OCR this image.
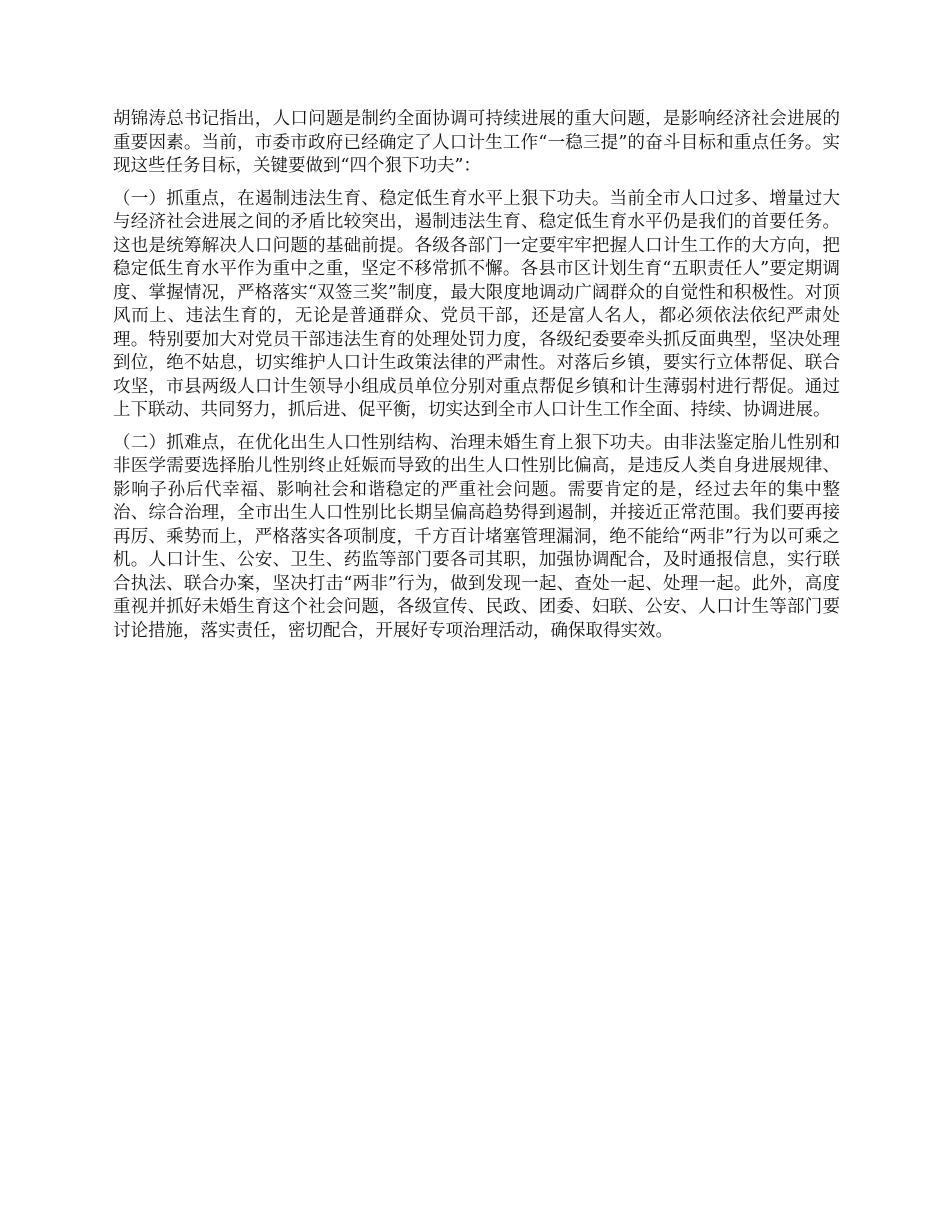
胡锦涛总书记指出，人口问题是制约全面协调可持续进展的重大问题，是影响经济社会进展的重要因素。当前，市委市政府已经确定了人口计生工作“一稳三提”的奋斗目标和重点任务。实现这些任务目标，关键要做到“四个狠下功夫”：

（一）抓重点，在遏制违法生育、稳定低生育水平上狠下功夫。当前全市人口过多、增量过大与经济社会进展之间的矛盾比较突出，遏制违法生育、稳定低生育水平仍是我们的首要任务。这也是统筹解决人口问题的基础前提。各级各部门一定要牢牢把握人口计生工作的大方向，把稳定低生育水平作为重中之重，坚定不移常抓不懈。各县市区计划生育“五职责任人”要定期调度、掌握情况，严格落实“双签三奖”制度，最大限度地调动广阔群众的自觉性和积极性。对顶风而上、违法生育的，无论是普通群众、党员干部，还是富人名人，都必须依法依纪严肃处理。特别要加大对党员干部违法生育的处理处罚力度，各级纪委要牵头抓反面典型，坚决处理到位，绝不姑息，切实维护人口计生政策法律的严肃性。对落后乡镇，要实行立体帮促、联合攻坚，市县两级人口计生领导小组成员单位分别对重点帮促乡镇和计生薄弱村进行帮促。通过上下联动、共同努力，抓后进、促平衡，切实达到全市人口计生工作全面、持续、协调进展。

（二）抓难点，在优化出生人口性别结构、治理未婚生育上狠下功夫。由非法鉴定胎儿性别和非医学需要选择胎儿性别终止妊娠而导致的出生人口性别比偏高，是违反人类自身进展规律、影响子孙后代幸福、影响社会和谐稳定的严重社会问题。需要肯定的是，经过去年的集中整治、综合治理，全市出生人口性别比长期呈偏高趋势得到遏制，并接近正常范围。我们要再接再厉、乘势而上，严格落实各项制度，千方百计堵塞管理漏洞，绝不能给“两非”行为以可乘之机。人口计生、公安、卫生、药监等部门要各司其职，加强协调配合，及时通报信息，实行联合执法、联合办案，坚决打击“两非”行为，做到发现一起、查处一起、处理一起。此外，高度重视并抓好未婚生育这个社会问题，各级宣传、民政、团委、妇联、公安、人口计生等部门要讨论措施，落实责任，密切配合，开展好专项治理活动，确保取得实效。
